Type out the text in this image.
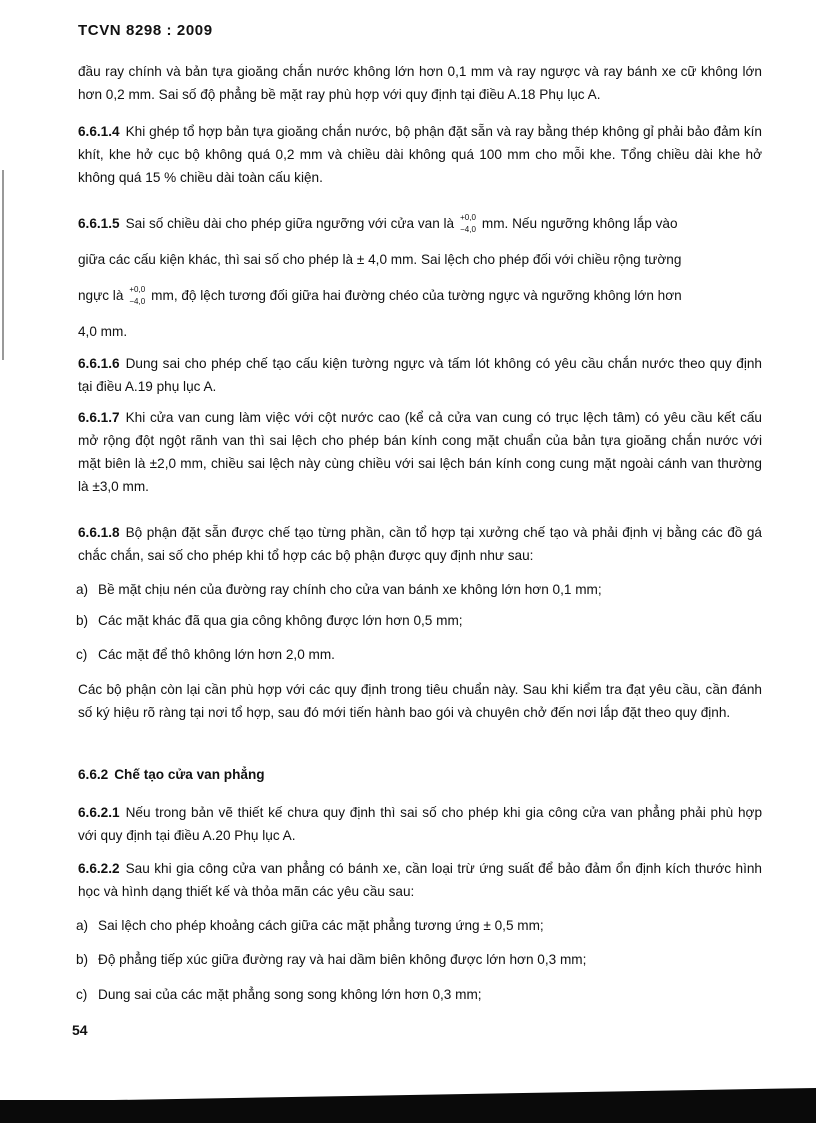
TCVN 8298 : 2009
đầu ray chính và bản tựa gioăng chắn nước không lớn hơn 0,1 mm và ray ngược và ray bánh xe cữ không lớn hơn 0,2 mm. Sai số độ phẳng bề mặt ray phù hợp với quy định tại điều A.18 Phụ lục A.
6.6.1.4 Khi ghép tổ hợp bản tựa gioăng chắn nước, bộ phận đặt sẵn và ray bằng thép không gỉ phải bảo đảm kín khít, khe hở cục bộ không quá 0,2 mm và chiều dài không quá 100 mm cho mỗi khe. Tổng chiều dài khe hở không quá 15 % chiều dài toàn cấu kiện.
6.6.1.5 Sai số chiều dài cho phép giữa ngưỡng với cửa van là +0,0
−4,0 mm. Nếu ngưỡng không lắp vào
giữa các cấu kiện khác, thì sai số cho phép là ± 4,0 mm. Sai lệch cho phép đối với chiều rộng tường
ngực là +0,0
−4,0 mm, độ lệch tương đối giữa hai đường chéo của tường ngực và ngưỡng không lớn hơn
4,0 mm.
6.6.1.6 Dung sai cho phép chế tạo cấu kiện tường ngực và tấm lót không có yêu cầu chắn nước theo quy định tại điều A.19 phụ lục A.
6.6.1.7 Khi cửa van cung làm việc với cột nước cao (kể cả cửa van cung có trục lệch tâm) có yêu cầu kết cấu mở rộng đột ngột rãnh van thì sai lệch cho phép bán kính cong mặt chuẩn của bản tựa gioăng chắn nước với mặt biên là ±2,0 mm, chiều sai lệch này cùng chiều với sai lệch bán kính cong cung mặt ngoài cánh van thường là ±3,0 mm.
6.6.1.8 Bộ phận đặt sẵn được chế tạo từng phần, cần tổ hợp tại xưởng chế tạo và phải định vị bằng các đồ gá chắc chắn, sai số cho phép khi tổ hợp các bộ phận được quy định như sau:
a) Bề mặt chịu nén của đường ray chính cho cửa van bánh xe không lớn hơn 0,1 mm;
b) Các mặt khác đã qua gia công không được lớn hơn 0,5 mm;
c) Các mặt để thô không lớn hơn 2,0 mm.
Các bộ phận còn lại cần phù hợp với các quy định trong tiêu chuẩn này. Sau khi kiểm tra đạt yêu cầu, cần đánh số ký hiệu rõ ràng tại nơi tổ hợp, sau đó mới tiến hành bao gói và chuyên chở đến nơi lắp đặt theo quy định.
6.6.2 Chế tạo cửa van phẳng
6.6.2.1 Nếu trong bản vẽ thiết kế chưa quy định thì sai số cho phép khi gia công cửa van phẳng phải phù hợp với quy định tại điều A.20 Phụ lục A.
6.6.2.2 Sau khi gia công cửa van phẳng có bánh xe, cần loại trừ ứng suất để bảo đảm ổn định kích thước hình học và hình dạng thiết kế và thỏa mãn các yêu cầu sau:
a) Sai lệch cho phép khoảng cách giữa các mặt phẳng tương ứng ± 0,5 mm;
b) Độ phẳng tiếp xúc giữa đường ray và hai dầm biên không được lớn hơn 0,3 mm;
c) Dung sai của các mặt phẳng song song không lớn hơn 0,3 mm;
54
